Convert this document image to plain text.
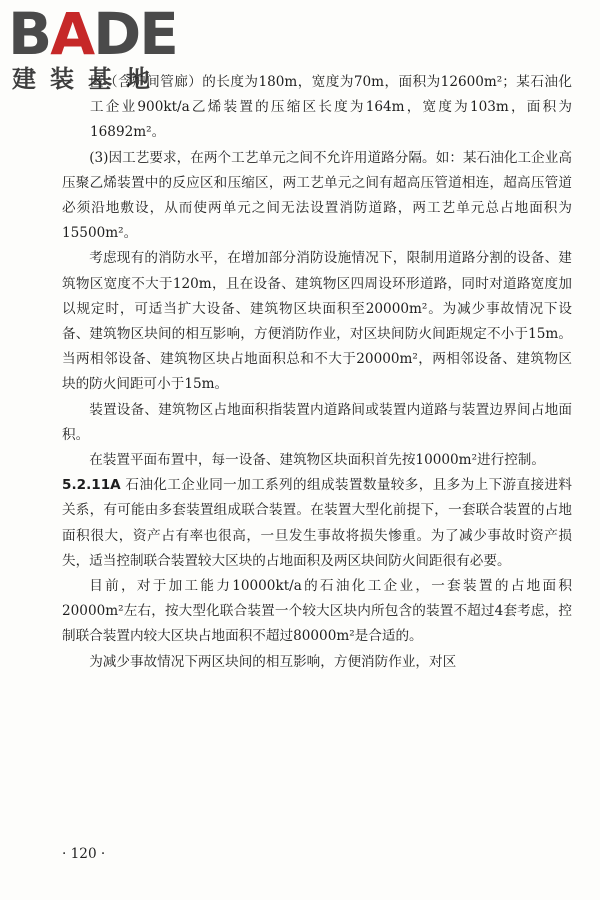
BADE
建装基地

区（含炉间管廊）的长度为180m，宽度为70m，面积为12600m²；某石油化工企业900kt/a乙烯装置的压缩区长度为164m，宽度为103m，面积为16892m²。

(3)因工艺要求，在两个工艺单元之间不允许用道路分隔。如：某石油化工企业高压聚乙烯装置中的反应区和压缩区，两工艺单元之间有超高压管道相连，超高压管道必须沿地敷设，从而使两单元之间无法设置消防道路，两工艺单元总占地面积为15500m²。

考虑现有的消防水平，在增加部分消防设施情况下，限制用道路分割的设备、建筑物区宽度不大于120m，且在设备、建筑物区四周设环形道路，同时对道路宽度加以规定时，可适当扩大设备、建筑物区块面积至20000m²。为减少事故情况下设备、建筑物区块间的相互影响，方便消防作业，对区块间防火间距规定不小于15m。当两相邻设备、建筑物区块占地面积总和不大于20000m²，两相邻设备、建筑物区块的防火间距可小于15m。

装置设备、建筑物区占地面积指装置内道路间或装置内道路与装置边界间占地面积。

在装置平面布置中，每一设备、建筑物区块面积首先按10000m²进行控制。

5.2.11A 石油化工企业同一加工系列的组成装置数量较多，且多为上下游直接进料关系，有可能由多套装置组成联合装置。在装置大型化前提下，一套联合装置的占地面积很大，资产占有率也很高，一旦发生事故将损失惨重。为了减少事故时资产损失，适当控制联合装置较大区块的占地面积及两区块间防火间距很有必要。

目前，对于加工能力10000kt/a的石油化工企业，一套装置的占地面积20000m²左右，按大型化联合装置一个较大区块内所包含的装置不超过4套考虑，控制联合装置内较大区块占地面积不超过80000m²是合适的。

为减少事故情况下两区块间的相互影响，方便消防作业，对区

· 120 ·
